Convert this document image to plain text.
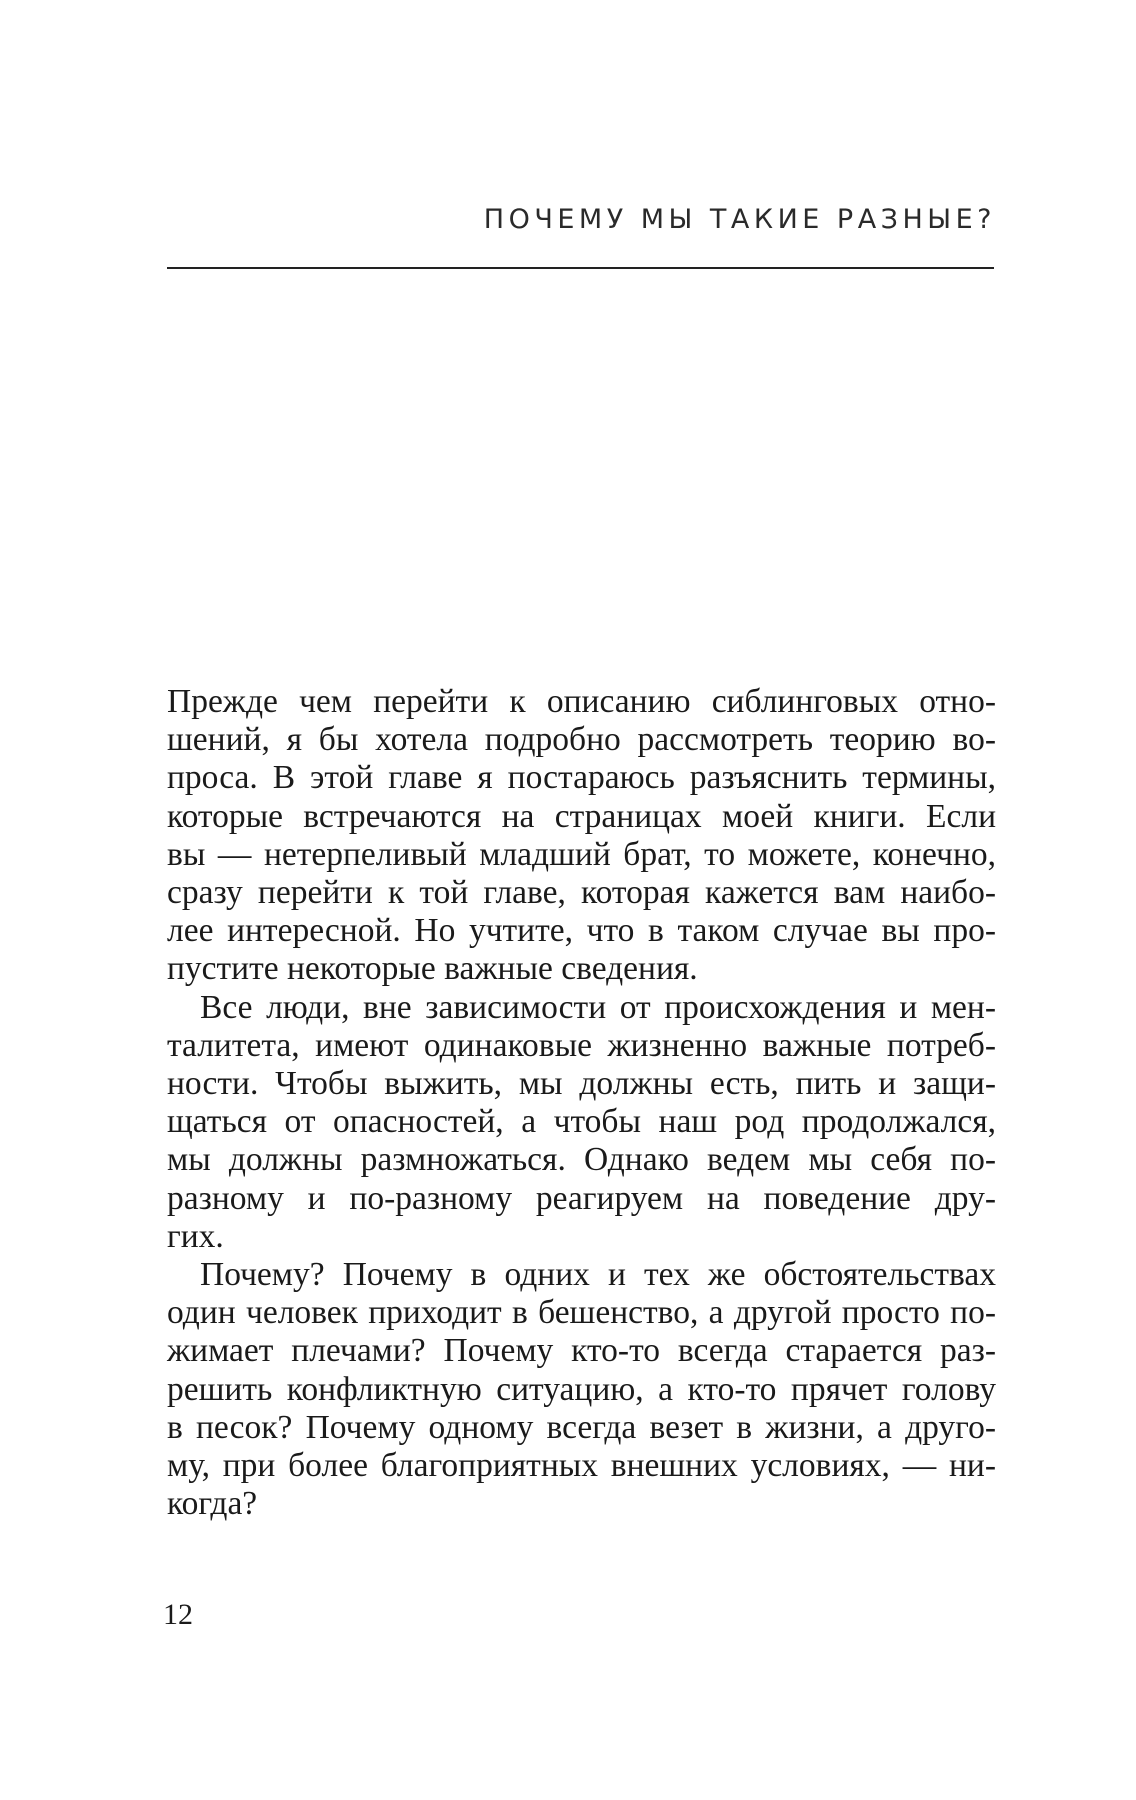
ПОЧЕМУ МЫ ТАКИЕ РАЗНЫЕ?

Прежде чем перейти к описанию сиблинговых отно-
шений, я бы хотела подробно рассмотреть теорию во-
проса. В этой главе я постараюсь разъяснить термины,
которые встречаются на страницах моей книги. Если
вы — нетерпеливый младший брат, то можете, конечно,
сразу перейти к той главе, которая кажется вам наибо-
лее интересной. Но учтите, что в таком случае вы про-
пустите некоторые важные сведения.

Все люди, вне зависимости от происхождения и мен-
талитета, имеют одинаковые жизненно важные потреб-
ности. Чтобы выжить, мы должны есть, пить и защи-
щаться от опасностей, а чтобы наш род продолжался,
мы должны размножаться. Однако ведем мы себя по-
разному и по-разному реагируем на поведение дру-
гих.

Почему? Почему в одних и тех же обстоятельствах
один человек приходит в бешенство, а другой просто по-
жимает плечами? Почему кто-то всегда старается раз-
решить конфликтную ситуацию, а кто-то прячет голову
в песок? Почему одному всегда везет в жизни, а друго-
му, при более благоприятных внешних условиях, — ни-
когда?

12
